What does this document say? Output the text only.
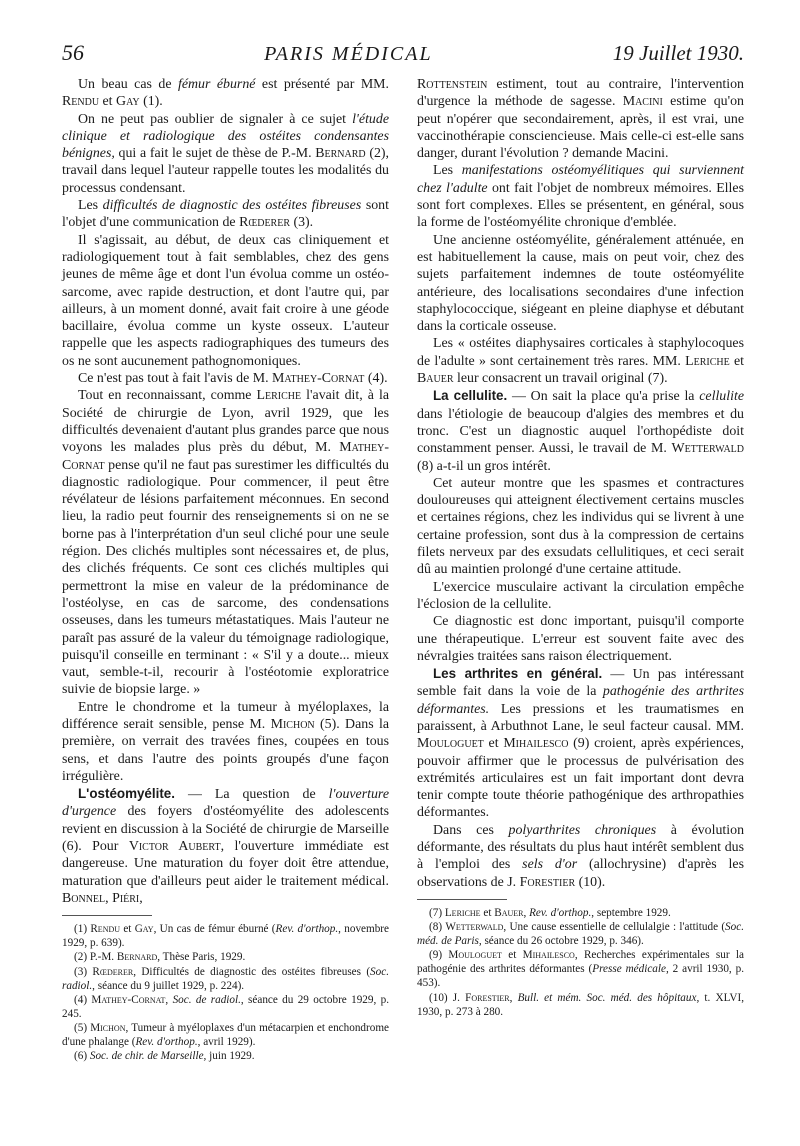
56	PARIS MÉDICAL	19 Juillet 1930.

Un beau cas de fémur éburné est présenté par MM. Rendu et Gay (1).

On ne peut pas oublier de signaler à ce sujet l'étude clinique et radiologique des ostéites condensantes bénignes, qui a fait le sujet de thèse de P.-M. Bernard (2), travail dans lequel l'auteur rappelle toutes les modalités du processus condensant.

Les difficultés de diagnostic des ostéites fibreuses sont l'objet d'une communication de Rœderer (3).

Il s'agissait, au début, de deux cas cliniquement et radiologiquement tout à fait semblables, chez des gens jeunes de même âge et dont l'un évolua comme un ostéo-sarcome, avec rapide destruction, et dont l'autre qui, par ailleurs, à un moment donné, avait fait croire à une géode bacillaire, évolua comme un kyste osseux. L'auteur rappelle que les aspects radiographiques des tumeurs des os ne sont aucunement pathognomoniques.

Ce n'est pas tout à fait l'avis de M. Mathey-Cornat (4).

Tout en reconnaissant, comme Leriche l'avait dit, à la Société de chirurgie de Lyon, avril 1929, que les difficultés devenaient d'autant plus grandes parce que nous voyons les malades plus près du début, M. Mathey-Cornat pense qu'il ne faut pas surestimer les difficultés du diagnostic radiologique. Pour commencer, il peut être révélateur de lésions parfaitement méconnues. En second lieu, la radio peut fournir des renseignements si on ne se borne pas à l'interprétation d'un seul cliché pour une seule région. Des clichés multiples sont nécessaires et, de plus, des clichés fréquents. Ce sont ces clichés multiples qui permettront la mise en valeur de la prédominance de l'ostéolyse, en cas de sarcome, des condensations osseuses, dans les tumeurs métastatiques. Mais l'auteur ne paraît pas assuré de la valeur du témoignage radiologique, puisqu'il conseille en terminant : « S'il y a doute... mieux vaut, semble-t-il, recourir à l'ostéotomie exploratrice suivie de biopsie large. »

Entre le chondrome et la tumeur à myéloplaxes, la différence serait sensible, pense M. Michon (5). Dans la première, on verrait des travées fines, coupées en tous sens, et dans l'autre des points groupés d'une façon irrégulière.

L'ostéomyélite. — La question de l'ouverture d'urgence des foyers d'ostéomyélite des adolescents revient en discussion à la Société de chirurgie de Marseille (6). Pour Victor Aubert, l'ouverture immédiate est dangereuse. Une maturation du foyer doit être attendue, maturation que d'ailleurs peut aider le traitement médical. Bonnel, Piéri,

(1) Rendu et Gay, Un cas de fémur éburné (Rev. d'orthop., novembre 1929, p. 639).

(2) P.-M. Bernard, Thèse Paris, 1929.

(3) Rœderer, Difficultés de diagnostic des ostéites fibreuses (Soc. radiol., séance du 9 juillet 1929, p. 224).

(4) Mathey-Cornat, Soc. de radiol., séance du 29 octobre 1929, p. 245.

(5) Michon, Tumeur à myéloplaxes d'un métacarpien et enchondrome d'une phalange (Rev. d'orthop., avril 1929).

(6) Soc. de chir. de Marseille, juin 1929.

Rottenstein estiment, tout au contraire, l'intervention d'urgence la méthode de sagesse. Macini estime qu'on peut n'opérer que secondairement, après, il est vrai, une vaccinothérapie consciencieuse. Mais celle-ci est-elle sans danger, durant l'évolution ? demande Macini.

Les manifestations ostéomyélitiques qui surviennent chez l'adulte ont fait l'objet de nombreux mémoires. Elles sont fort complexes. Elles se présentent, en général, sous la forme de l'ostéomyélite chronique d'emblée.

Une ancienne ostéomyélite, généralement atténuée, en est habituellement la cause, mais on peut voir, chez des sujets parfaitement indemnes de toute ostéomyélite antérieure, des localisations secondaires d'une infection staphylococcique, siégeant en pleine diaphyse et débutant dans la corticale osseuse.

Les « ostéites diaphysaires corticales à staphylocoques de l'adulte » sont certainement très rares. MM. Leriche et Bauer leur consacrent un travail original (7).

La cellulite. — On sait la place qu'a prise la cellulite dans l'étiologie de beaucoup d'algies des membres et du tronc. C'est un diagnostic auquel l'orthopédiste doit constamment penser. Aussi, le travail de M. Wetterwald (8) a-t-il un gros intérêt.

Cet auteur montre que les spasmes et contractures douloureuses qui atteignent électivement certains muscles et certaines régions, chez les individus qui se livrent à une certaine profession, sont dus à la compression de certains filets nerveux par des exsudats cellulitiques, et ceci serait dû au maintien prolongé d'une certaine attitude.

L'exercice musculaire activant la circulation empêche l'éclosion de la cellulite.

Ce diagnostic est donc important, puisqu'il comporte une thérapeutique. L'erreur est souvent faite avec des névralgies traitées sans raison électriquement.

Les arthrites en général. — Un pas intéressant semble fait dans la voie de la pathogénie des arthrites déformantes. Les pressions et les traumatismes en paraissent, à Arbuthnot Lane, le seul facteur causal. MM. Mouloguet et Mihailesco (9) croient, après expériences, pouvoir affirmer que le processus de pulvérisation des extrémités articulaires est un fait important dont devra tenir compte toute théorie pathogénique des arthropathies déformantes.

Dans ces polyarthrites chroniques à évolution déformante, des résultats du plus haut intérêt semblent dus à l'emploi des sels d'or (allochrysine) d'après les observations de J. Forestier (10).

(7) Leriche et Bauer, Rev. d'orthop., septembre 1929.

(8) Wetterwald, Une cause essentielle de cellulalgie : l'attitude (Soc. méd. de Paris, séance du 26 octobre 1929, p. 346).

(9) Mouloguet et Mihailesco, Recherches expérimentales sur la pathogénie des arthrites déformantes (Presse médicale, 2 avril 1930, p. 453).

(10) J. Forestier, Bull. et mém. Soc. méd. des hôpitaux, t. XLVI, 1930, p. 273 à 280.
